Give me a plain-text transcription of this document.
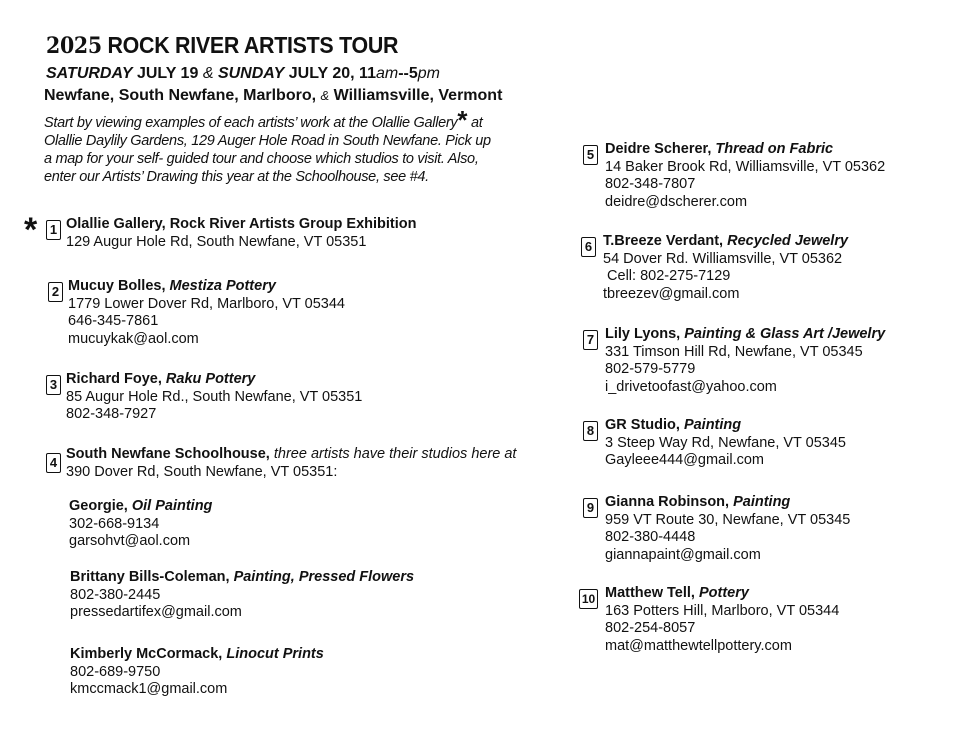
2025 ROCK RIVER ARTISTS TOUR
SATURDAY JULY 19 & SUNDAY JULY 20, 11am--5pm
Newfane, South Newfane, Marlboro, & Williamsville, Vermont
Start by viewing examples of each artists’ work at the Olallie Gallery* at
Olallie Daylily Gardens, 129 Auger Hole Road in South Newfane. Pick up
a map for your self- guided tour and choose which studios to visit. Also,
enter our Artists’ Drawing this year at the Schoolhouse, see #4.
* 1 Olallie Gallery, Rock River Artists Group Exhibition
129 Augur Hole Rd, South Newfane, VT 05351
2 Mucuy Bolles, Mestiza Pottery
1779 Lower Dover Rd, Marlboro, VT 05344
646-345-7861
mucuykak@aol.com
3 Richard Foye, Raku Pottery
85 Augur Hole Rd., South Newfane, VT 05351
802-348-7927
4
South Newfane Schoolhouse, three artists have their studios here at
390 Dover Rd, South Newfane, VT 05351:
Georgie, Oil Painting
302-668-9134
garsohvt@aol.com
Brittany Bills-Coleman, Painting, Pressed Flowers
802-380-2445
pressedartifex@gmail.com
Kimberly McCormack, Linocut Prints
802-689-9750
kmccmack1@gmail.com
5 Deidre Scherer, Thread on Fabric
14 Baker Brook Rd, Williamsville, VT 05362
802-348-7807
deidre@dscherer.com
6 T.Breeze Verdant, Recycled Jewelry
54 Dover Rd. Williamsville, VT 05362
Cell: 802-275-7129
tbreezev@gmail.com
7 Lily Lyons, Painting & Glass Art /Jewelry
331 Timson Hill Rd, Newfane, VT 05345
802-579-5779
i_drivetoofast@yahoo.com
8 GR Studio, Painting
3 Steep Way Rd, Newfane, VT 05345
Gayleee444@gmail.com
9 Gianna Robinson, Painting
959 VT Route 30, Newfane, VT 05345
802-380-4448
giannapaint@gmail.com
10 Matthew Tell, Pottery
163 Potters Hill, Marlboro, VT 05344
802-254-8057
mat@matthewtellpottery.com
